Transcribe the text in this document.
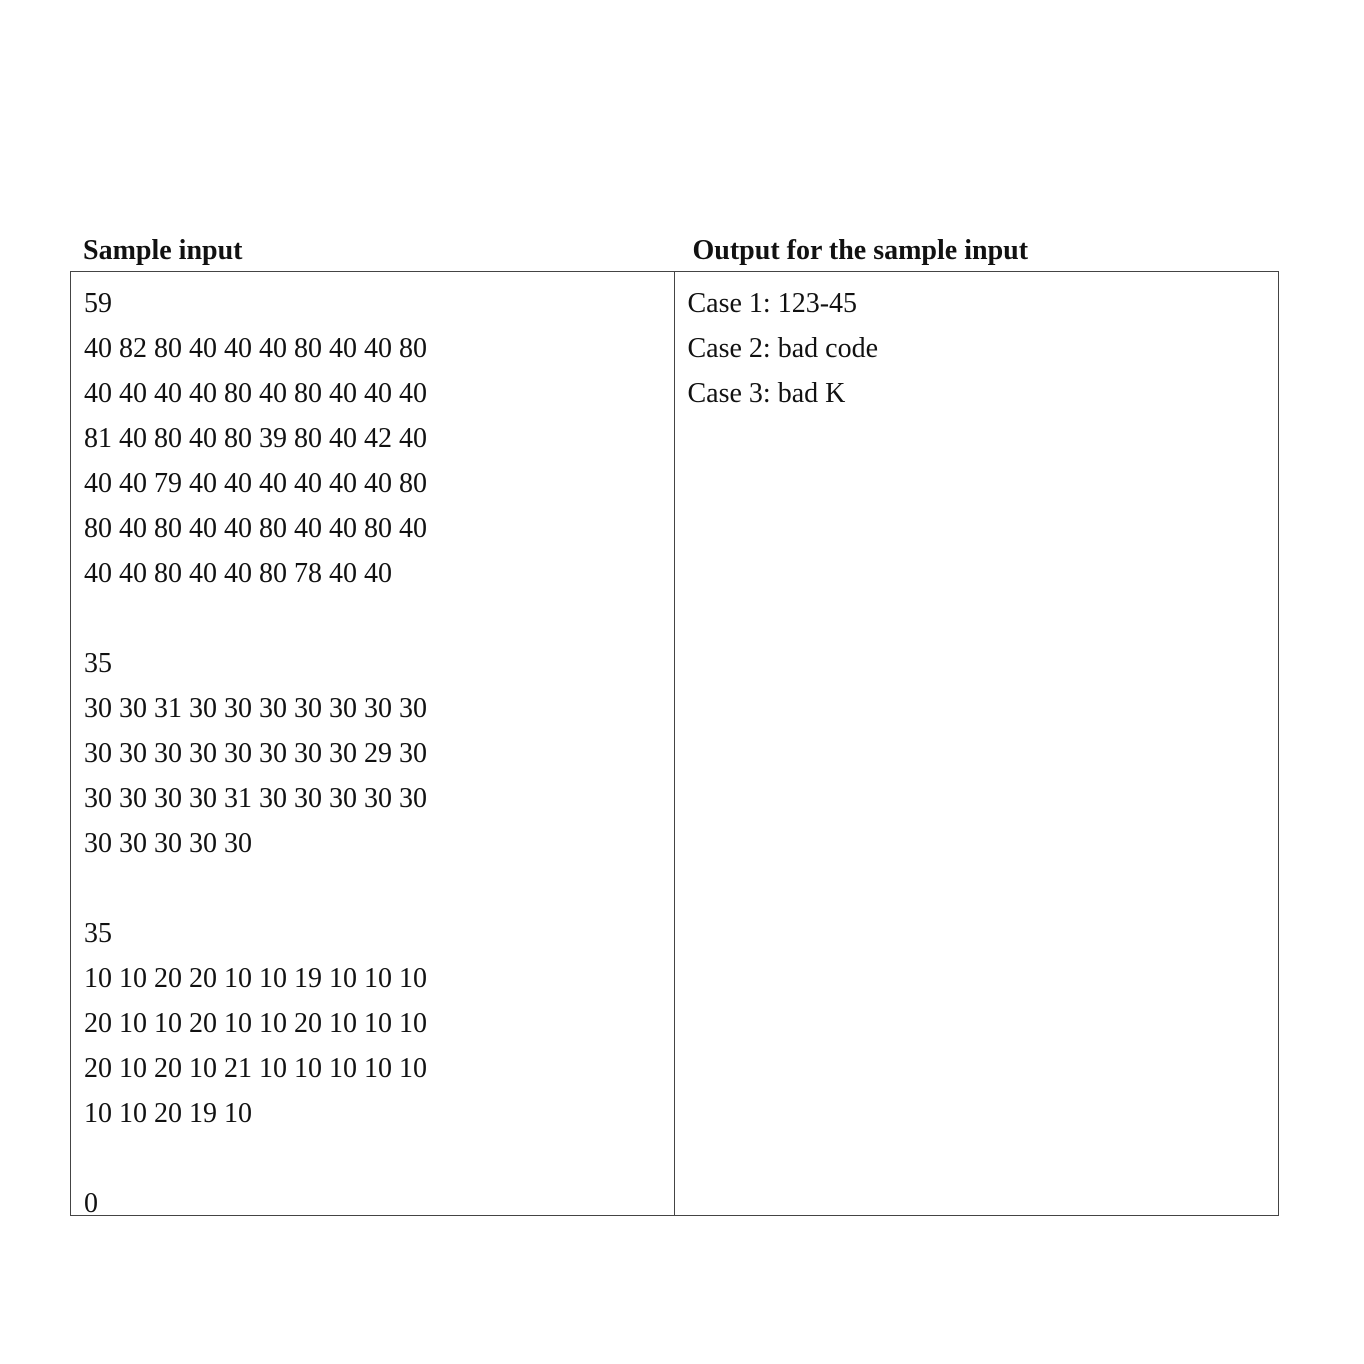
Sample input	Output for the sample input
59
40 82 80 40 40 40 80 40 40 80
40 40 40 40 80 40 80 40 40 40
81 40 80 40 80 39 80 40 42 40
40 40 79 40 40 40 40 40 40 80
80 40 80 40 40 80 40 40 80 40
40 40 80 40 40 80 78 40 40
35
30 30 31 30 30 30 30 30 30 30
30 30 30 30 30 30 30 30 29 30
30 30 30 30 31 30 30 30 30 30
30 30 30 30 30
35
10 10 20 20 10 10 19 10 10 10
20 10 10 20 10 10 20 10 10 10
20 10 20 10 21 10 10 10 10 10
10 10 20 19 10
0
Case 1: 123-45
Case 2: bad code
Case 3: bad K
